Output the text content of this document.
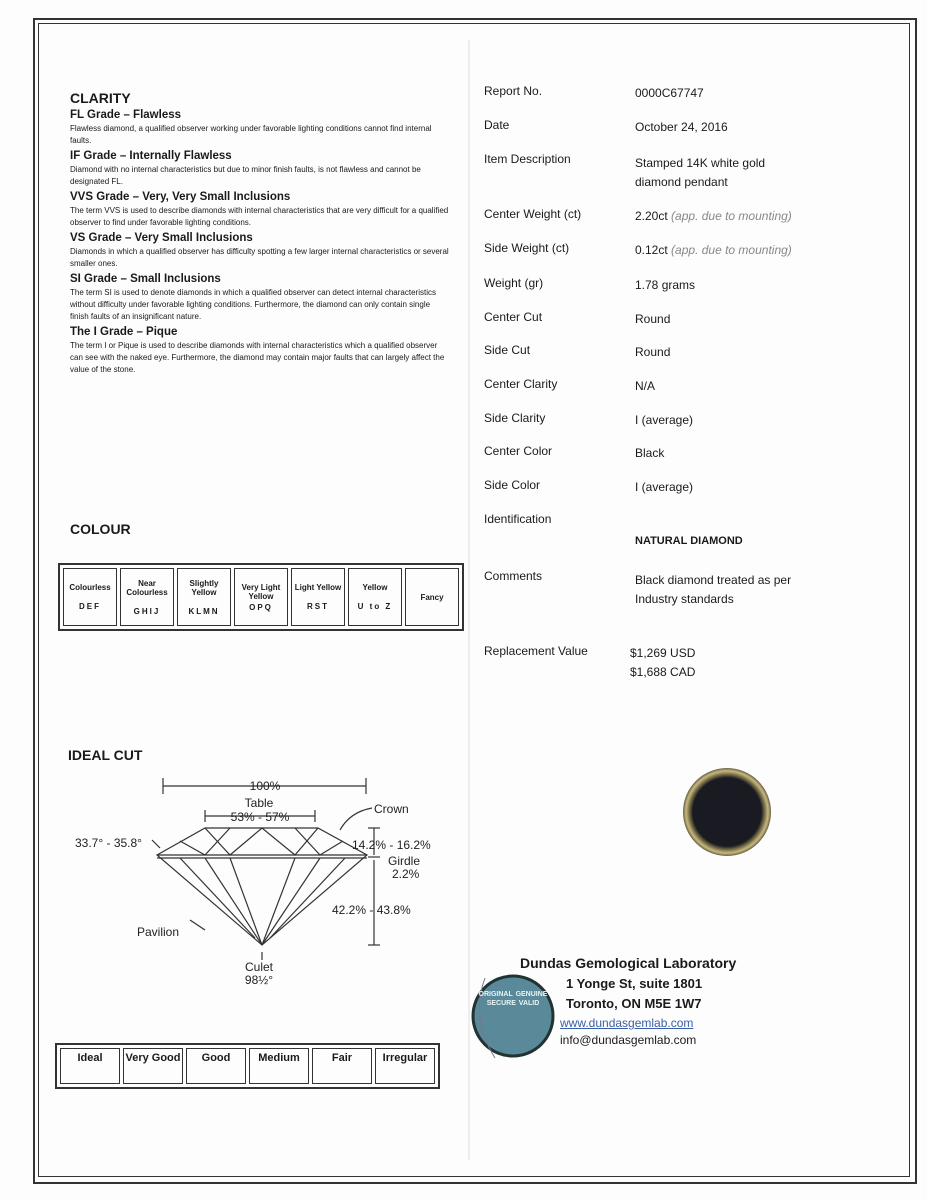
CLARITY
FL Grade – Flawless
Flawless diamond, a qualified observer working under favorable lighting conditions cannot find internal faults.
IF Grade – Internally Flawless
Diamond with no internal characteristics but due to minor finish faults, is not flawless and cannot be designated FL.
VVS Grade – Very, Very Small Inclusions
The term VVS is used to describe diamonds with internal characteristics that are very difficult for a qualified observer to find under favorable lighting conditions.
VS Grade – Very Small Inclusions
Diamonds in which a qualified observer has difficulty spotting a few larger internal characteristics or several smaller ones.
SI Grade – Small Inclusions
The term SI is used to denote diamonds in which a qualified observer can detect internal characteristics without difficulty under favorable lighting conditions. Furthermore, the diamond can only contain single finish faults of an insignificant nature.
The I Grade – Pique
The term I or Pique is used to describe diamonds with internal characteristics which a qualified observer can see with the naked eye. Furthermore, the diamond may contain major faults that can largely affect the value of the stone.
COLOUR
Colourless
DEF
	Near Colourless
GHIJ
	Slightly Yellow
KLMN
	Very Light Yellow
OPQ
	Light Yellow
RST
	Yellow
U to Z
	Fancy
IDEAL CUT
100%
Table
53% - 57%
Crown
33.7° - 35.8°	14.2% - 16.2%
Girdle
2.2%
42.2% - 43.8%
Pavilion
Culet
98½°
Ideal	Very Good	Good	Medium	Fair	Irregular
Report No.	0000C67747
Date	October 24, 2016
Item Description	Stamped 14K white gold
diamond pendant
Center Weight (ct)	2.20ct (app. due to mounting)
Side Weight (ct)	0.12ct (app. due to mounting)
Weight (gr)	1.78 grams
Center Cut	Round
Side Cut	Round
Center Clarity	N/A
Side Clarity	I (average)
Center Color	Black
Side Color	I (average)
Identification
NATURAL DIAMOND
Comments	Black diamond treated as per
Industry standards
Replacement Value	$1,269 USD
$1,688 CAD
ORIGINAL GENUINE SECURE VALID
Dundas Gemological Laboratory
1 Yonge St, suite 1801
Toronto, ON M5E 1W7
www.dundasgemlab.com
info@dundasgemlab.com
